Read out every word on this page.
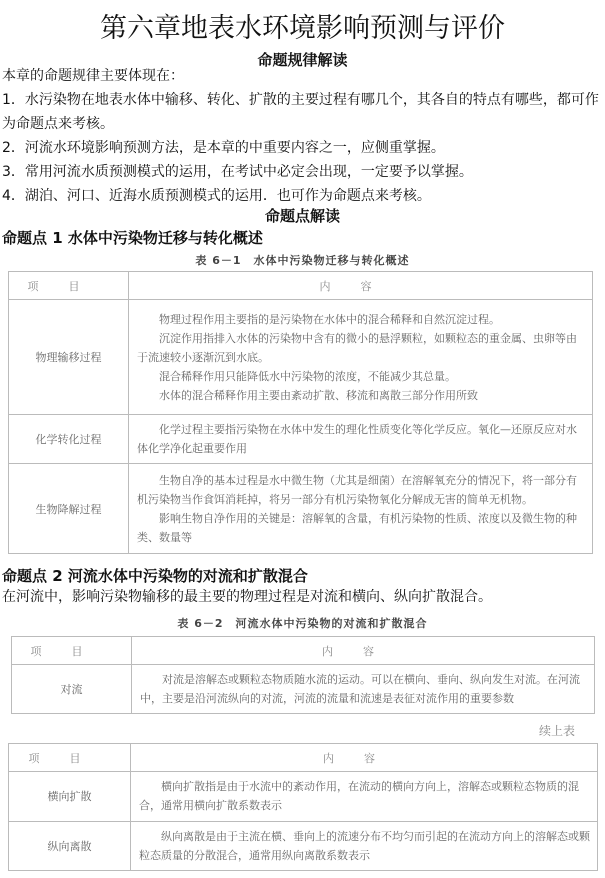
第六章地表水环境影响预测与评价
命题规律解读
本章的命题规律主要体现在：
1．水污染物在地表水体中输移、转化、扩散的主要过程有哪几个，其各自的特点有哪些，都可作为命题点来考核。
2．河流水环境影响预测方法，是本章的中重要内容之一，应侧重掌握。
3．常用河流水质预测模式的运用，在考试中必定会出现，一定要予以掌握。
4．湖泊、河口、近海水质预测模式的运用．也可作为命题点来考核。
命题点解读
命题点 1 水体中污染物迁移与转化概述
表 6－1　水体中污染物迁移与转化概述
项目	内容
物理输移过程	物理过程作用主要指的是污染物在水体中的混合稀释和自然沉淀过程。
沉淀作用指排入水体的污染物中含有的微小的悬浮颗粒，如颗粒态的重金属、虫卵等由于流速较小逐渐沉到水底。
混合稀释作用只能降低水中污染物的浓度，不能减少其总量。
水体的混合稀释作用主要由紊动扩散、移流和离散三部分作用所致

化学转化过程	化学过程主要指污染物在水体中发生的理化性质变化等化学反应。氧化—还原反应对水体化学净化起重要作用

生物降解过程	生物自净的基本过程是水中微生物（尤其是细菌）在溶解氧充分的情况下，将一部分有机污染物当作食饵消耗掉，将另一部分有机污染物氧化分解成无害的简单无机物。
影响生物自净作用的关键是：溶解氧的含量，有机污染物的性质、浓度以及微生物的种类、数量等
命题点 2 河流水体中污染物的对流和扩散混合
在河流中，影响污染物输移的最主要的物理过程是对流和横向、纵向扩散混合。
表 6－2　河流水体中污染物的对流和扩散混合
项目	内容
对流	对流是溶解态或颗粒态物质随水流的运动。可以在横向、垂向、纵向发生对流。在河流中，主要是沿河流纵向的对流，河流的流量和流速是表征对流作用的重要参数
续上表
项目	内容
横向扩散	横向扩散指是由于水流中的紊动作用，在流动的横向方向上，溶解态或颗粒态物质的混合，通常用横向扩散系数表示

纵向离散	纵向离散是由于主流在横、垂向上的流速分布不均匀而引起的在流动方向上的溶解态或颗粒态质量的分散混合，通常用纵向离散系数表示
